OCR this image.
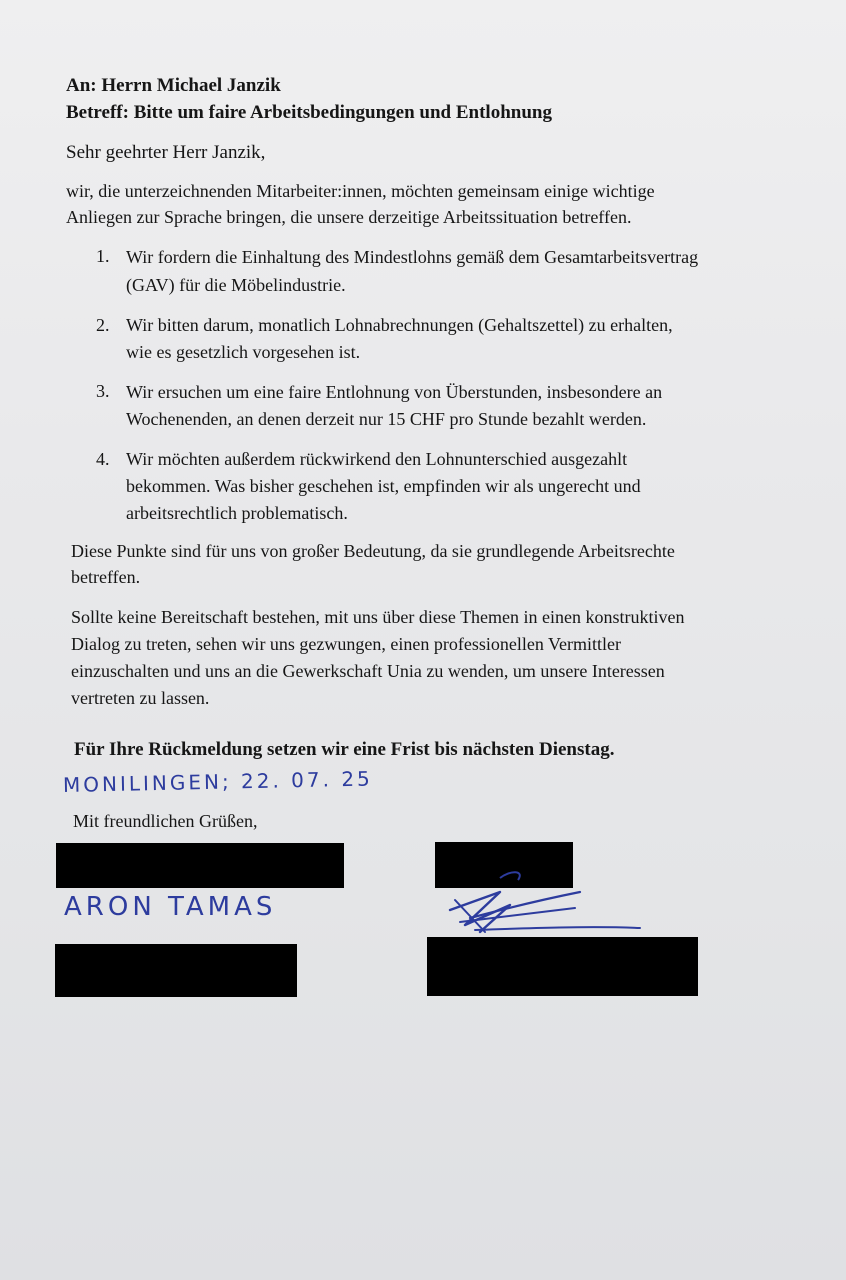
An: Herrn Michael Janzik

Betreff: Bitte um faire Arbeitsbedingungen und Entlohnung

Sehr geehrter Herr Janzik,

wir, die unterzeichnenden Mitarbeiter:innen, möchten gemeinsam einige wichtige

Anliegen zur Sprache bringen, die unsere derzeitige Arbeitssituation betreffen.

1. Wir fordern die Einhaltung des Mindestlohns gemäß dem Gesamtarbeitsvertrag

(GAV) für die Möbelindustrie.

2. Wir bitten darum, monatlich Lohnabrechnungen (Gehaltszettel) zu erhalten,

wie es gesetzlich vorgesehen ist.

3. Wir ersuchen um eine faire Entlohnung von Überstunden, insbesondere an

Wochenenden, an denen derzeit nur 15 CHF pro Stunde bezahlt werden.

4. Wir möchten außerdem rückwirkend den Lohnunterschied ausgezahlt

bekommen. Was bisher geschehen ist, empfinden wir als ungerecht und

arbeitsrechtlich problematisch.

Diese Punkte sind für uns von großer Bedeutung, da sie grundlegende Arbeitsrechte

betreffen.

Sollte keine Bereitschaft bestehen, mit uns über diese Themen in einen konstruktiven

Dialog zu treten, sehen wir uns gezwungen, einen professionellen Vermittler

einzuschalten und uns an die Gewerkschaft Unia zu wenden, um unsere Interessen

vertreten zu lassen.

Für Ihre Rückmeldung setzen wir eine Frist bis nächsten Dienstag.

MONILINGEN; 22. 07. 25

Mit freundlichen Grüßen,

ARON TAMAS
